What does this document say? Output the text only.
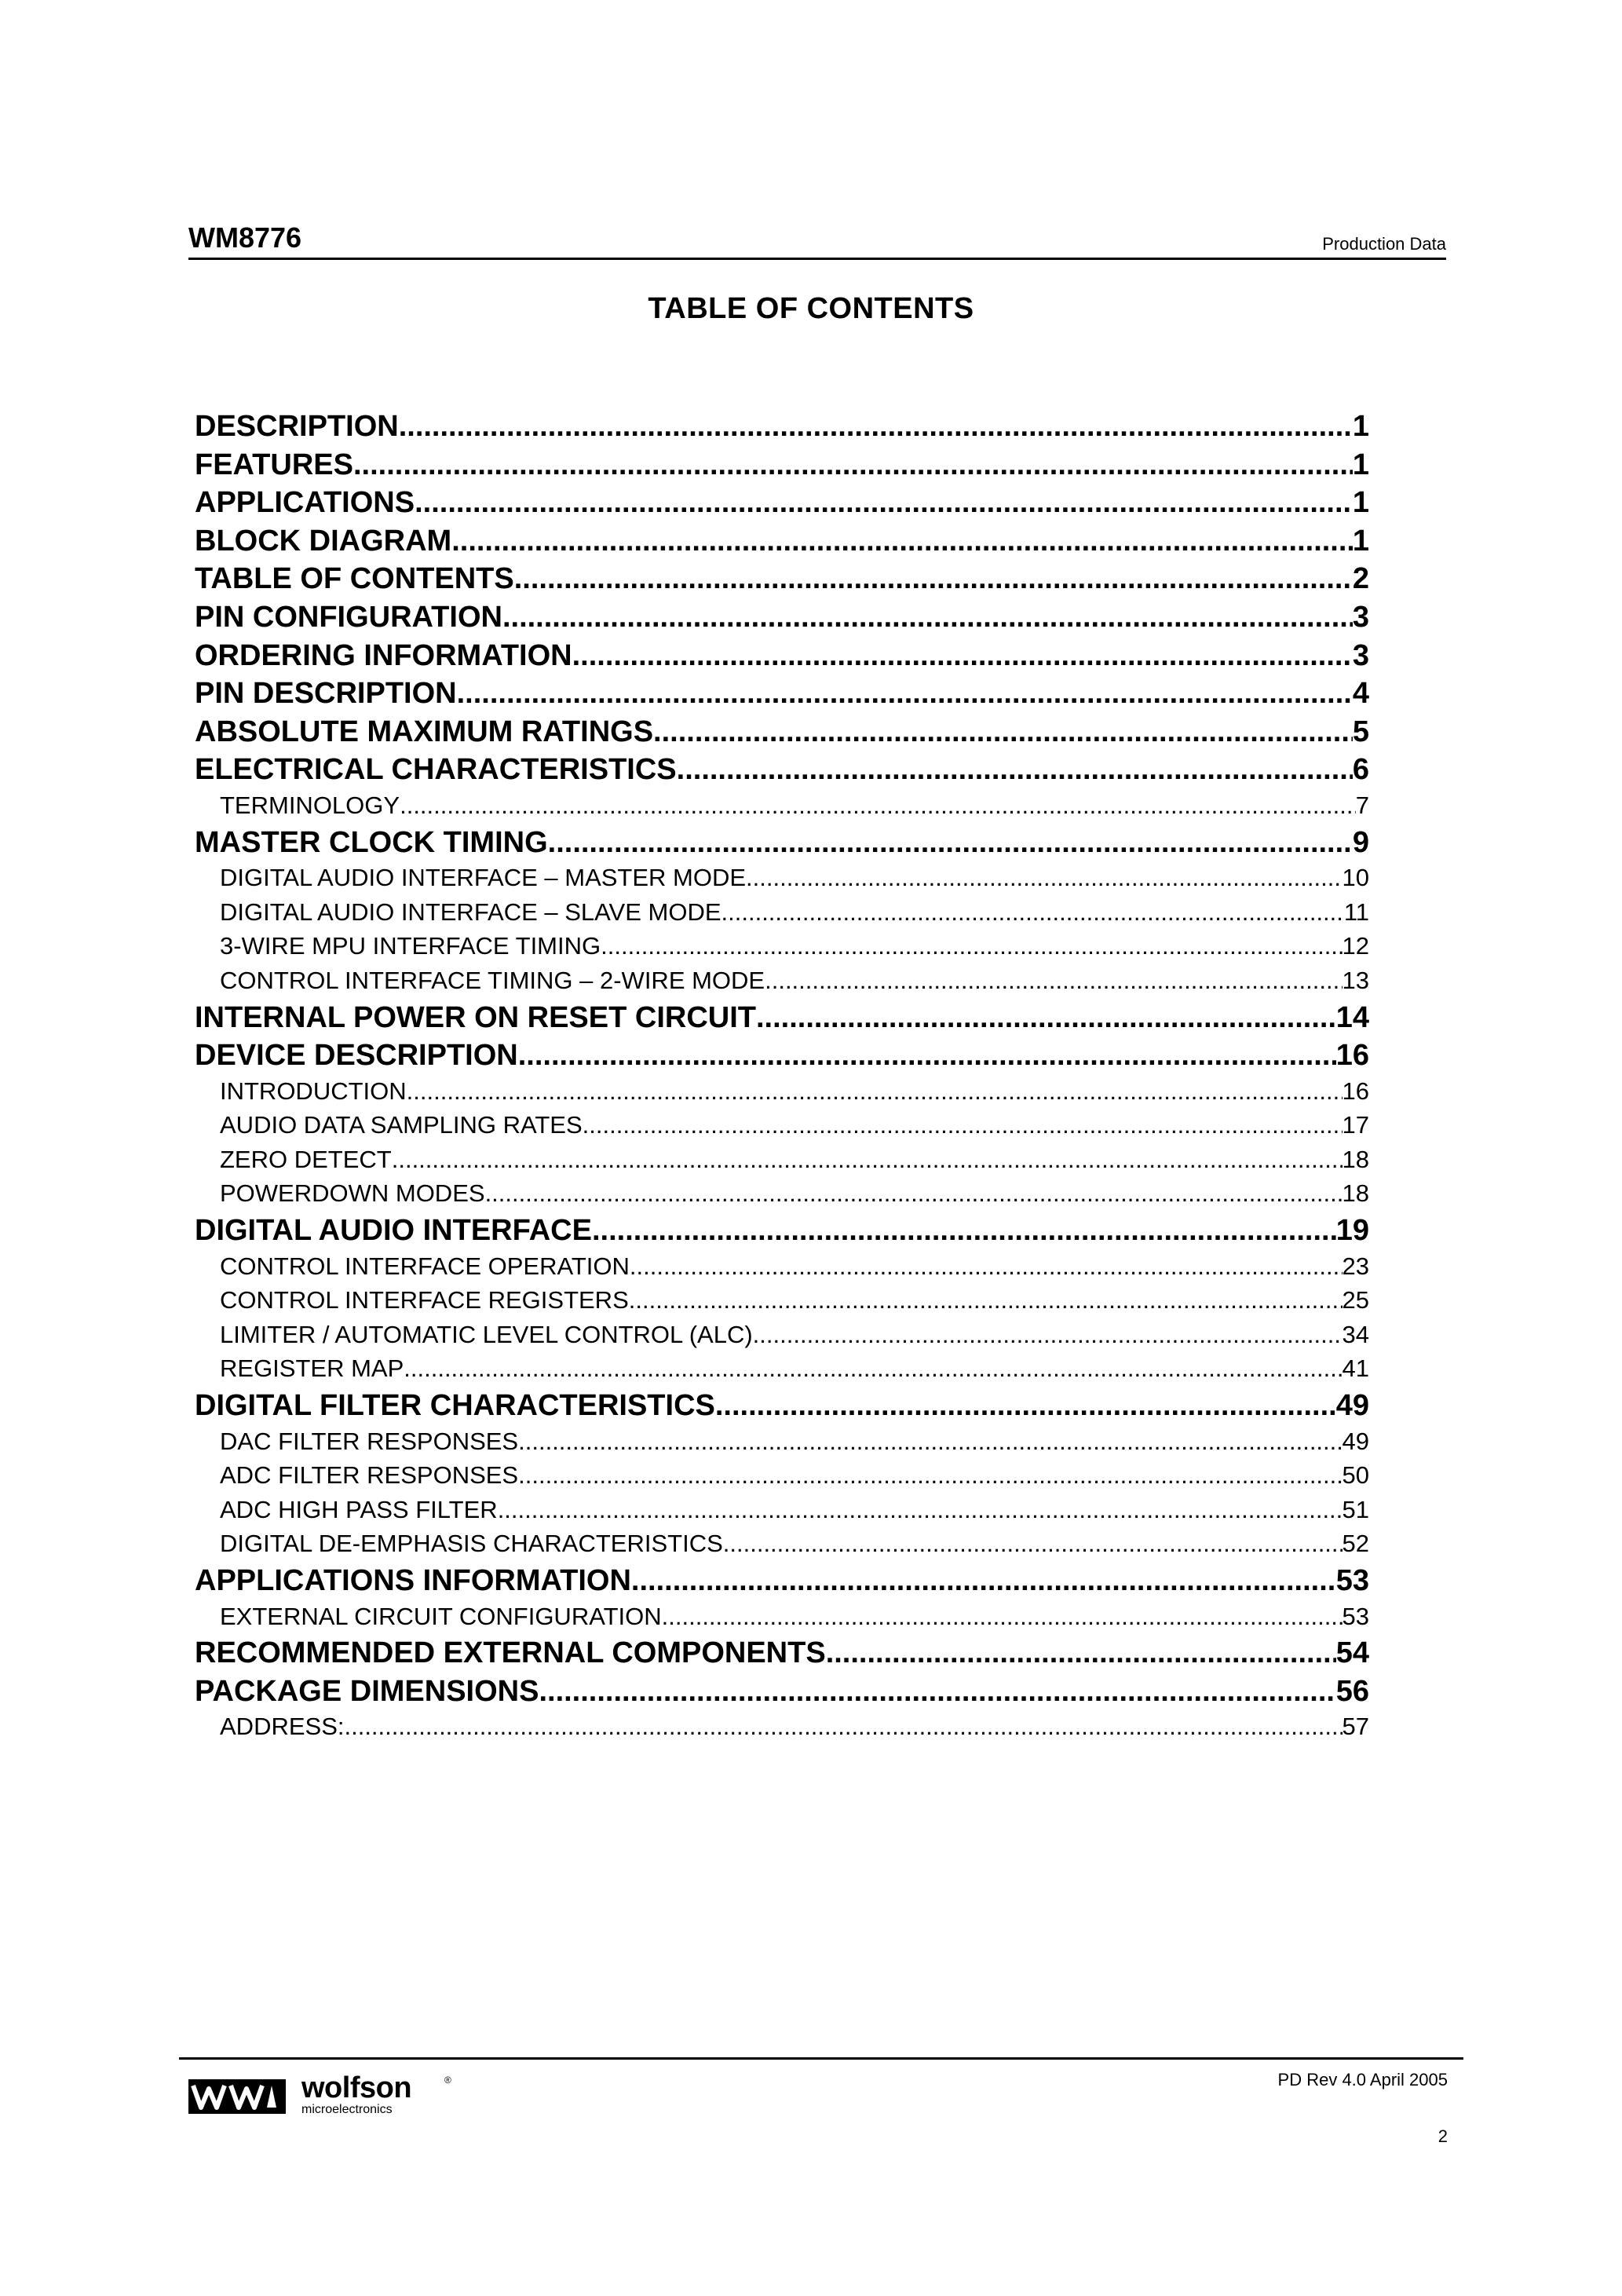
WM8776	Production Data
TABLE OF CONTENTS
DESCRIPTION .....	1
FEATURES .....	1
APPLICATIONS .....	1
BLOCK DIAGRAM .....	1
TABLE OF CONTENTS .....	2
PIN CONFIGURATION .....	3
ORDERING INFORMATION .....	3
PIN DESCRIPTION .....	4
ABSOLUTE MAXIMUM RATINGS .....	5
ELECTRICAL CHARACTERISTICS .....	6
TERMINOLOGY .....	7
MASTER CLOCK TIMING .....	9
DIGITAL AUDIO INTERFACE – MASTER MODE .....	10
DIGITAL AUDIO INTERFACE – SLAVE MODE .....	11
3-WIRE MPU INTERFACE TIMING .....	12
CONTROL INTERFACE TIMING – 2-WIRE MODE .....	13
INTERNAL POWER ON RESET CIRCUIT .....	14
DEVICE DESCRIPTION .....	16
INTRODUCTION .....	16
AUDIO DATA SAMPLING RATES .....	17
ZERO DETECT .....	18
POWERDOWN MODES .....	18
DIGITAL AUDIO INTERFACE .....	19
CONTROL INTERFACE OPERATION .....	23
CONTROL INTERFACE REGISTERS .....	25
LIMITER / AUTOMATIC LEVEL CONTROL (ALC) .....	34
REGISTER MAP .....	41
DIGITAL FILTER CHARACTERISTICS .....	49
DAC FILTER RESPONSES .....	49
ADC FILTER RESPONSES .....	50
ADC HIGH PASS FILTER .....	51
DIGITAL DE-EMPHASIS CHARACTERISTICS .....	52
APPLICATIONS INFORMATION .....	53
EXTERNAL CIRCUIT CONFIGURATION .....	53
RECOMMENDED EXTERNAL COMPONENTS .....	54
PACKAGE DIMENSIONS .....	56
ADDRESS: .....	57
wolfson	®
microelectronics
PD Rev 4.0 April 2005
2
